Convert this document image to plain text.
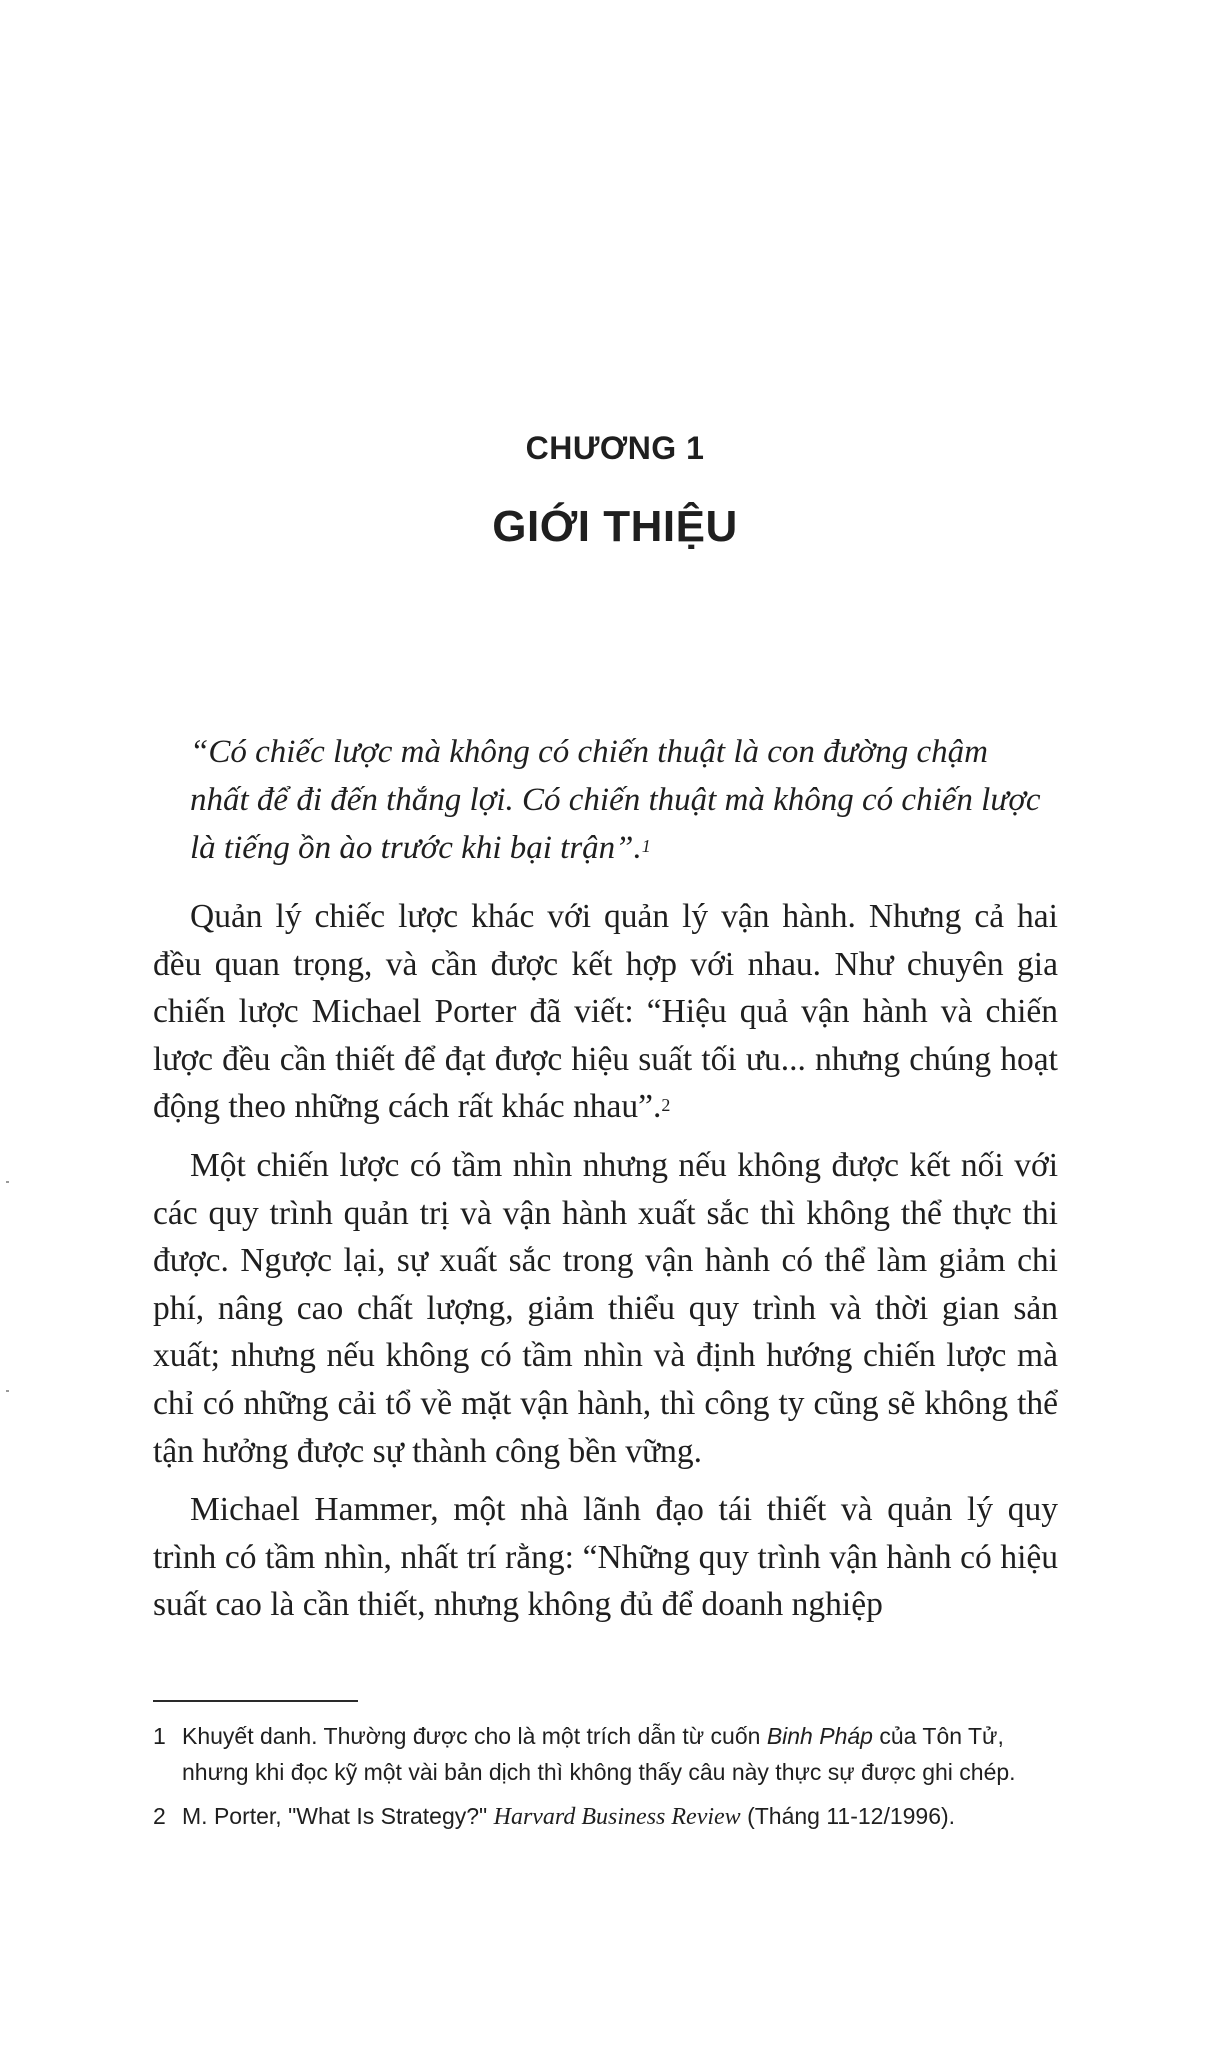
CHƯƠNG 1
GIỚI THIỆU

“Có chiếc lược mà không có chiến thuật là con đường chậm nhất để đi đến thắng lợi. Có chiến thuật mà không có chiến lược là tiếng ồn ào trước khi bại trận”.$^1$

Quản lý chiếc lược khác với quản lý vận hành. Nhưng cả hai đều quan trọng, và cần được kết hợp với nhau. Như chuyên gia chiến lược Michael Porter đã viết: “Hiệu quả vận hành và chiến lược đều cần thiết để đạt được hiệu suất tối ưu... nhưng chúng hoạt động theo những cách rất khác nhau”.$^2$

Một chiến lược có tầm nhìn nhưng nếu không được kết nối với các quy trình quản trị và vận hành xuất sắc thì không thể thực thi được. Ngược lại, sự xuất sắc trong vận hành có thể làm giảm chi phí, nâng cao chất lượng, giảm thiểu quy trình và thời gian sản xuất; nhưng nếu không có tầm nhìn và định hướng chiến lược mà chỉ có những cải tổ về mặt vận hành, thì công ty cũng sẽ không thể tận hưởng được sự thành công bền vững.

Michael Hammer, một nhà lãnh đạo tái thiết và quản lý quy trình có tầm nhìn, nhất trí rằng: “Những quy trình vận hành có hiệu suất cao là cần thiết, nhưng không đủ để doanh nghiệp

1 Khuyết danh. Thường được cho là một trích dẫn từ cuốn Binh Pháp của Tôn Tử, nhưng khi đọc kỹ một vài bản dịch thì không thấy câu này thực sự được ghi chép.
2 M. Porter, "What Is Strategy?" Harvard Business Review (Tháng 11-12/1996).
